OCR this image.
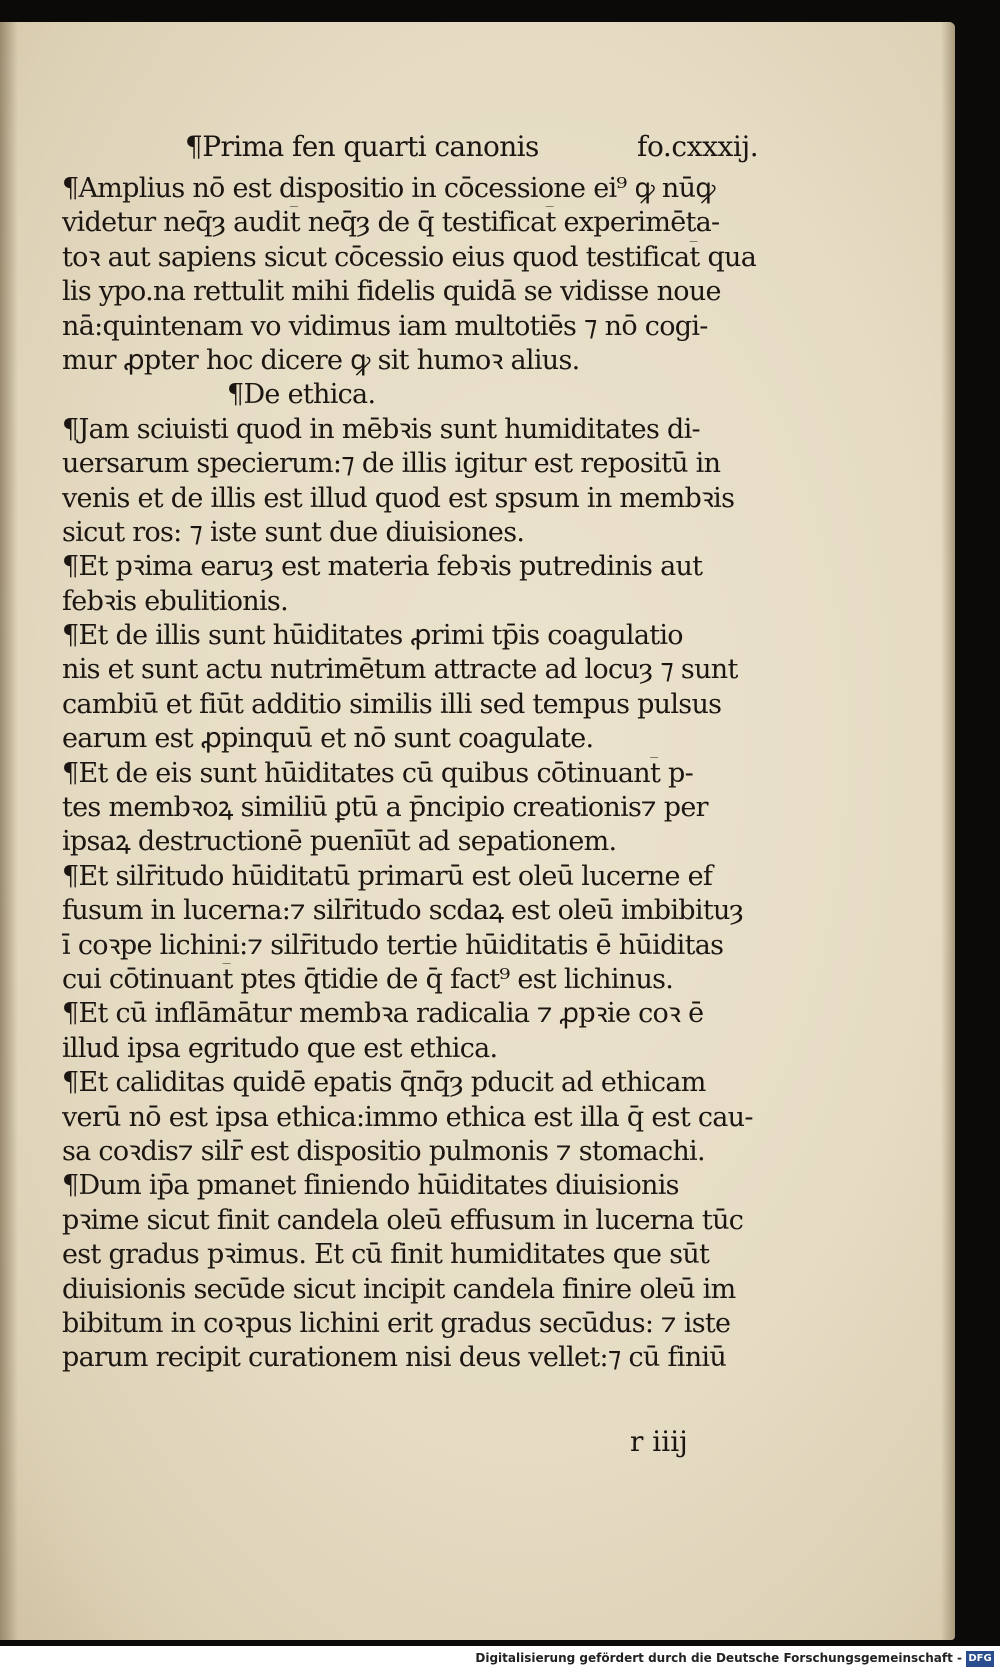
¶Prima fen quarti canonis	fo.cxxxij.
¶Amplius nō est dispositio in cōcessione ei⁹ ꝙ nūꝙ
videtur neq̄ȝ audit̄ neq̄ȝ de q̄ testificat̄ experimēta-
toꝛ aut sapiens sicut cōcessio eius quod testificat̄ qua
lis ypo.na rettulit mihi fidelis quidā se vidisse noue
nā:quintenam vo vidimus iam multotiēs ⁊ nō cogi-
mur ꝓpter hoc dicere ꝙ sit humoꝛ alius.
¶De ethica.
¶Jam sciuisti quod in mēbꝛis sunt humiditates di-
uersarum specierum:⁊ de illis igitur est repositū in
venis et de illis est illud quod est spsum in membꝛis
sicut ros: ⁊ iste sunt due diuisiones.
¶Et pꝛima earuȝ est materia febꝛis putredinis aut
febꝛis ebulitionis.
¶Et de illis sunt hūiditates ꝓrimi tp̄is coagulatio
nis et sunt actu nutrimētum attracte ad locuȝ ⁊ sunt
cambiū et fiūt additio similis illi sed tempus pulsus
earum est ꝓpinquū et nō sunt coagulate.
¶Et de eis sunt hūiditates cū quibus cōtinuant̄ p-
tes membꝛoꝝ similiū ꝑtū a p̄ncipio creationis⁊ per
ipsaꝝ destructionē puenīūt ad sepationem.
¶Et silr̄itudo hūiditatū primarū est oleū lucerne ef
fusum in lucerna:⁊ silr̄itudo scdaꝝ est oleū imbibituȝ
ī coꝛpe lichini:⁊ silr̄itudo tertie hūiditatis ē hūiditas
cui cōtinuant̄ ptes q̄tidie de q̄ fact⁹ est lichinus.
¶Et cū inflāmātur membꝛa radicalia ⁊ ꝓpꝛie coꝛ ē
illud ipsa egritudo que est ethica.
¶Et caliditas quidē epatis q̄nq̄ȝ pducit ad ethicam
verū nō est ipsa ethica:immo ethica est illa q̄ est cau-
sa coꝛdis⁊ silr̄ est dispositio pulmonis ⁊ stomachi.
¶Dum ip̄a pmanet finiendo hūiditates diuisionis
pꝛime sicut finit candela oleū effusum in lucerna tūc
est gradus pꝛimus. Et cū finit humiditates que sūt
diuisionis secūde sicut incipit candela finire oleū im
bibitum in coꝛpus lichini erit gradus secūdus: ⁊ iste
parum recipit curationem nisi deus vellet:⁊ cū finiū
r iiij
Digitalisierung gefördert durch die Deutsche Forschungsgemeinschaft - DFG
